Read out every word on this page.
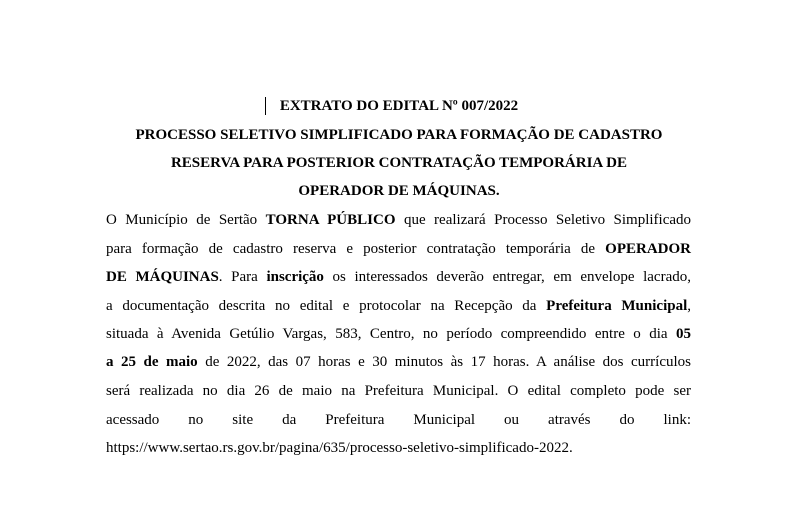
EXTRATO DO EDITAL Nº 007/2022
PROCESSO SELETIVO SIMPLIFICADO PARA FORMAÇÃO DE CADASTRO
RESERVA PARA POSTERIOR CONTRATAÇÃO TEMPORÁRIA DE
OPERADOR DE MÁQUINAS.
O Município de Sertão TORNA PÚBLICO que realizará Processo Seletivo Simplificado
para formação de cadastro reserva e posterior contratação temporária de OPERADOR
DE MÁQUINAS. Para inscrição os interessados deverão entregar, em envelope lacrado,
a documentação descrita no edital e protocolar na Recepção da Prefeitura Municipal,
situada à Avenida Getúlio Vargas, 583, Centro, no período compreendido entre o dia 05
a 25 de maio de 2022, das 07 horas e 30 minutos às 17 horas. A análise dos currículos
será realizada no dia 26 de maio na Prefeitura Municipal. O edital completo pode ser
acessado no site da Prefeitura Municipal ou através do link:
https://www.sertao.rs.gov.br/pagina/635/processo-seletivo-simplificado-2022.
